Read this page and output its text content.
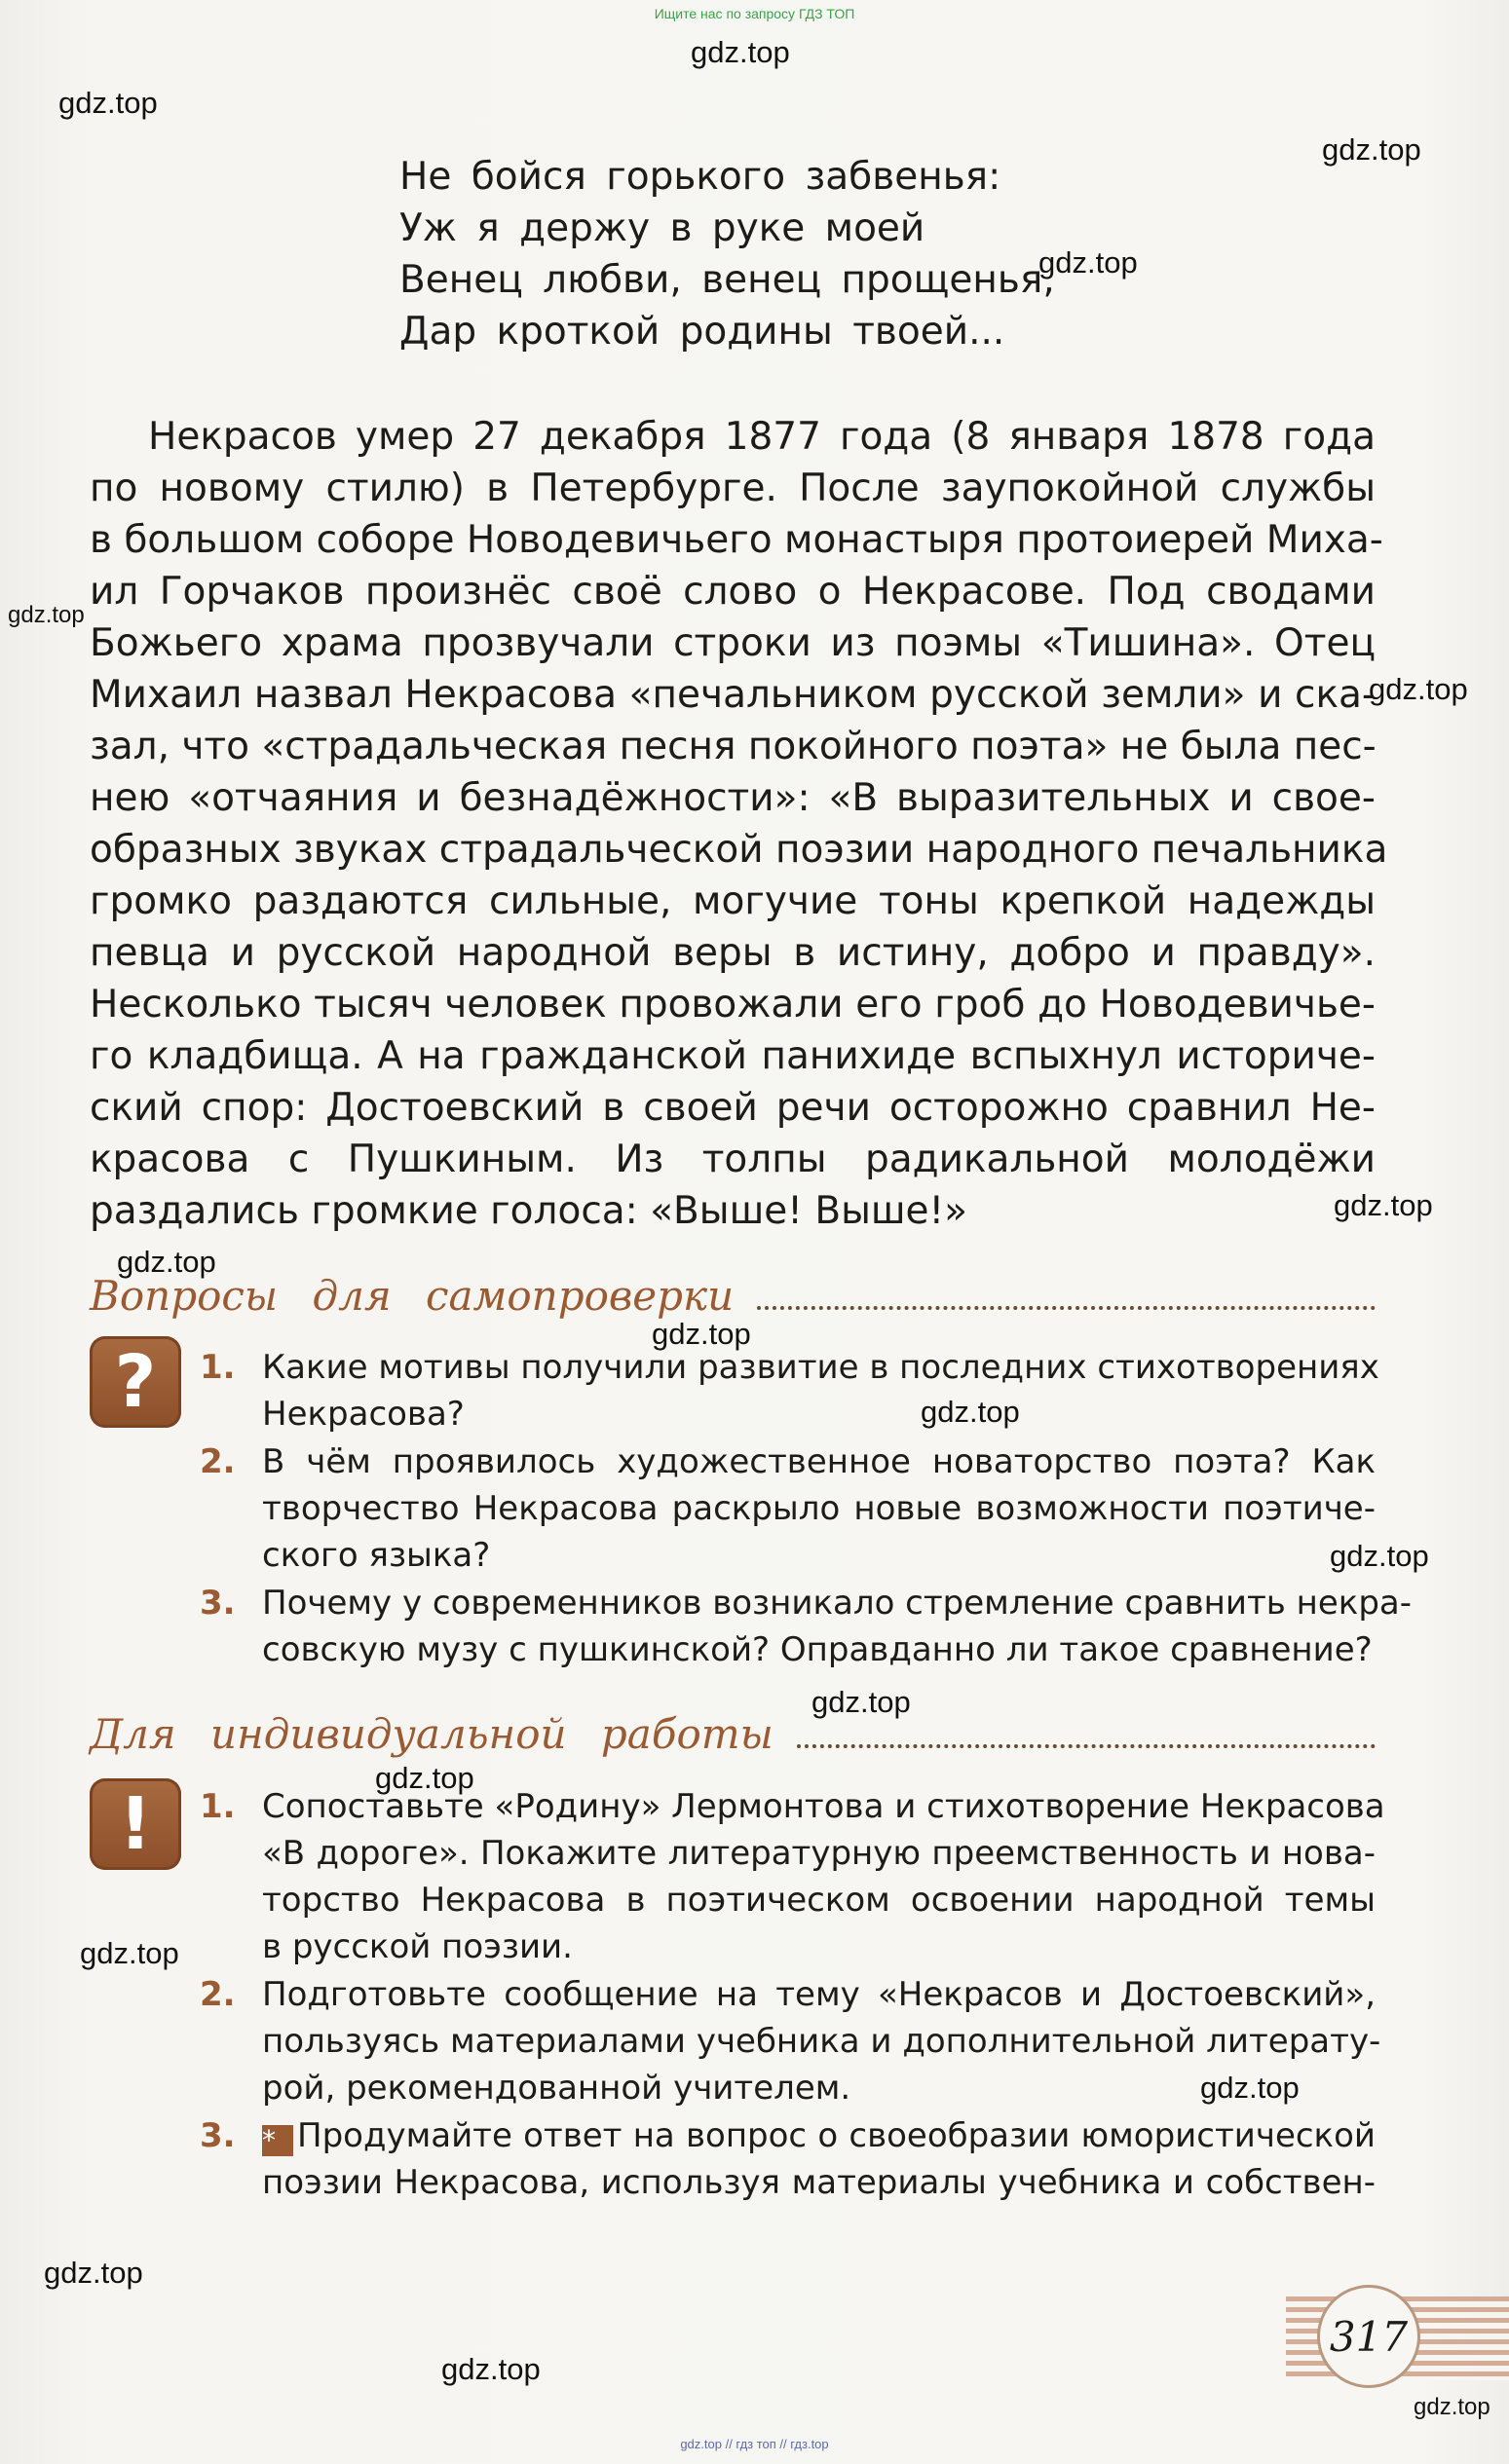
Ищите нас по запросу ГДЗ ТОП
gdz.top
gdz.top
gdz.top
gdz.top
gdz.top
gdz.top
gdz.top
gdz.top
gdz.top
gdz.top
gdz.top
gdz.top
gdz.top
gdz.top
gdz.top
gdz.top
gdz.top
gdz.top
Не бойся горького забвенья:
Уж я держу в руке моей
Венец любви, венец прощенья,
Дар кроткой родины твоей...
Некрасов умер 27 декабря 1877 года (8 января 1878 года
по новому стилю) в Петербурге. После заупокойной службы
в большом соборе Новодевичьего монастыря протоиерей Миха-
ил Горчаков произнёс своё слово о Некрасове. Под сводами
Божьего храма прозвучали строки из поэмы «Тишина». Отец
Михаил назвал Некрасова «печальником русской земли» и ска-
зал, что «страдальческая песня покойного поэта» не была пес-
нею «отчаяния и безнадёжности»: «В выразительных и свое-
образных звуках страдальческой поэзии народного печальника
громко раздаются сильные, могучие тоны крепкой надежды
певца и русской народной веры в истину, добро и правду».
Несколько тысяч человек провожали его гроб до Новодевичье-
го кладбища. А на гражданской панихиде вспыхнул историче-
ский спор: Достоевский в своей речи осторожно сравнил Не-
красова с Пушкиным. Из толпы радикальной молодёжи
раздались громкие голоса: «Выше! Выше!»
Вопросы для самопроверки
? 1. Какие мотивы получили развитие в последних стихотворениях
Некрасова?
2. В чём проявилось художественное новаторство поэта? Как
творчество Некрасова раскрыло новые возможности поэтиче-
ского языка?
3. Почему у современников возникало стремление сравнить некра-
совскую музу с пушкинской? Оправданно ли такое сравнение?
Для индивидуальной работы
! 1. Сопоставьте «Родину» Лермонтова и стихотворение Некрасова
«В дороге». Покажите литературную преемственность и нова-
торство Некрасова в поэтическом освоении народной темы
в русской поэзии.
2. Подготовьте сообщение на тему «Некрасов и Достоевский»,
пользуясь материалами учебника и дополнительной литерату-
рой, рекомендованной учителем.
3. * Продумайте ответ на вопрос о своеобразии юмористической
поэзии Некрасова, используя материалы учебника и собствен-
317
gdz.top // гдз топ // гдз.top
